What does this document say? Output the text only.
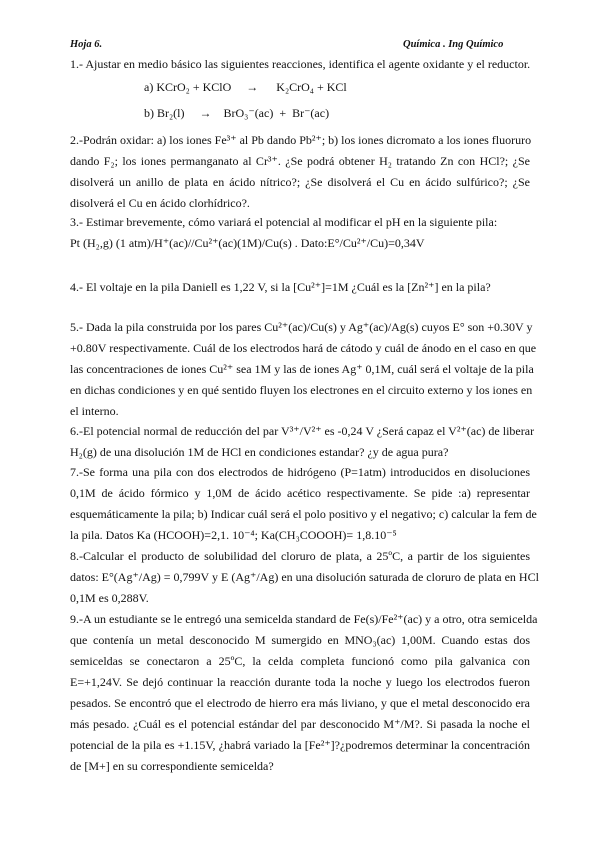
Hoja 6.	Química . Ing Químico
1.- Ajustar en medio básico las siguientes reacciones, identifica el agente oxidante y el reductor.
a) KCrO₂ + KClO     →      K₂CrO₄ + KCl
b) Br₂(l)     →    BrO₃⁻(ac)  +  Br⁻(ac)
2.-Podrán oxidar: a) los iones Fe³⁺ al Pb dando Pb²⁺; b) los iones dicromato a los iones fluoruro
dando F₂; los iones permanganato al Cr³⁺. ¿Se podrá obtener H₂ tratando Zn con HCl?; ¿Se
disolverá un anillo de plata en ácido nítrico?; ¿Se disolverá el Cu en ácido sulfúrico?; ¿Se
disolverá el Cu en ácido clorhídrico?.
3.- Estimar brevemente, cómo variará el potencial al modificar el pH en la siguiente pila:
Pt (H₂,g) (1 atm)/H⁺(ac)//Cu²⁺(ac)(1M)/Cu(s) . Dato:E°/Cu²⁺/Cu)=0,34V
4.- El voltaje en la pila Daniell es 1,22 V, si la [Cu²⁺]=1M ¿Cuál es la [Zn²⁺] en la pila?
5.- Dada la pila construida por los pares Cu²⁺(ac)/Cu(s) y Ag⁺(ac)/Ag(s) cuyos E° son +0.30V y
+0.80V respectivamente. Cuál de los electrodos hará de cátodo y cuál de ánodo en el caso en que
las concentraciones de iones Cu²⁺ sea 1M y las de iones Ag⁺ 0,1M, cuál será el voltaje de la pila
en dichas condiciones y en qué sentido fluyen los electrones en el circuito externo y los iones en
el interno.
6.-El potencial normal de reducción del par V³⁺/V²⁺ es -0,24 V ¿Será capaz el V²⁺(ac) de liberar
H₂(g) de una disolución 1M de HCl en condiciones estandar? ¿y de agua pura?
7.-Se forma una pila con dos electrodos de hidrógeno (P=1atm) introducidos en disoluciones
0,1M de ácido fórmico y 1,0M de ácido acético respectivamente. Se pide :a) representar
esquemáticamente la pila; b) Indicar cuál será el polo positivo y el negativo; c) calcular la fem de
la pila. Datos Ka (HCOOH)=2,1. 10⁻⁴; Ka(CH₃COOOH)= 1,8.10⁻⁵
8.-Calcular el producto de solubilidad del cloruro de plata, a 25ºC, a partir de los siguientes
datos: E°(Ag⁺/Ag) = 0,799V y E (Ag⁺/Ag) en una disolución saturada de cloruro de plata en HCl
0,1M es 0,288V.
9.-A un estudiante se le entregó una semicelda standard de Fe(s)/Fe²⁺(ac) y a otro, otra semicelda
que contenía un metal desconocido M sumergido en MNO₃(ac) 1,00M. Cuando estas dos
semiceldas se conectaron a 25ºC, la celda completa funcionó como pila galvanica con
E=+1,24V. Se dejó continuar la reacción durante toda la noche y luego los electrodos fueron
pesados. Se encontró que el electrodo de hierro era más liviano, y que el metal desconocido era
más pesado. ¿Cuál es el potencial estándar del par desconocido M⁺/M?. Si pasada la noche el
potencial de la pila es +1.15V, ¿habrá variado la [Fe²⁺]?¿podremos determinar la concentración
de [M+] en su correspondiente semicelda?
